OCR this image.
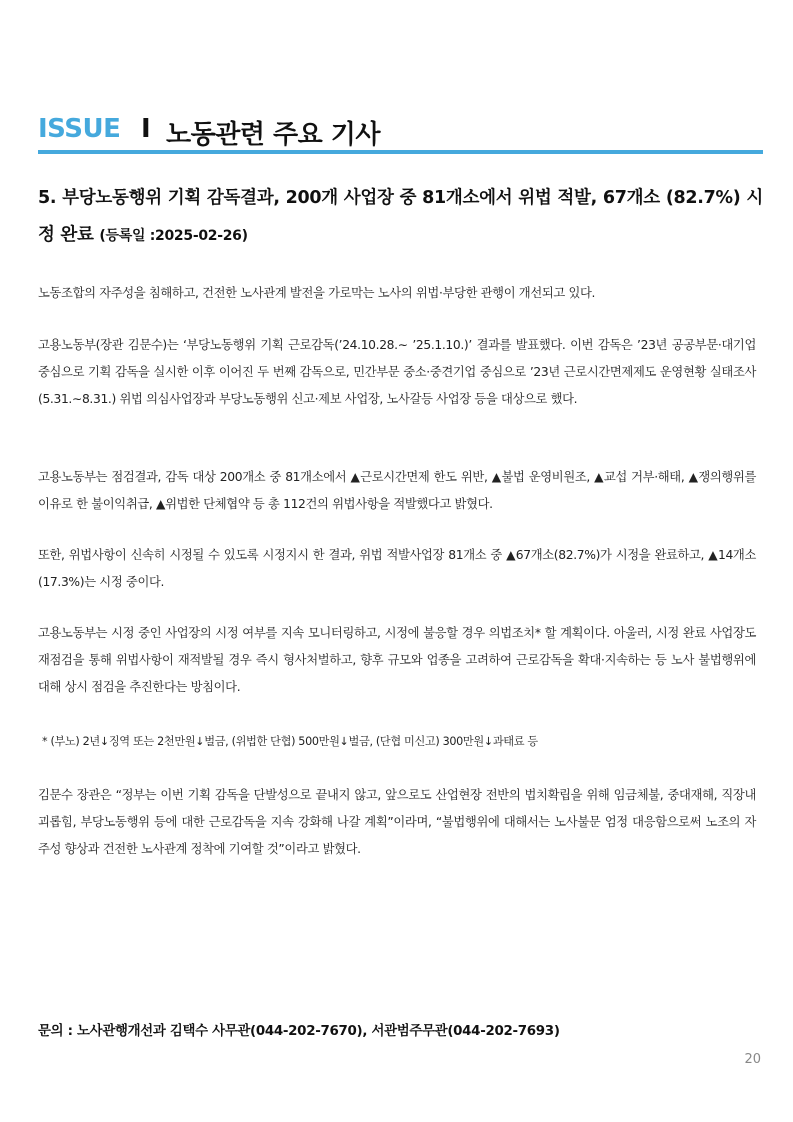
ISSUE I 노동관련 주요 기사
5. 부당노동행위 기획 감독결과, 200개 사업장 중 81개소에서 위법 적발, 67개소 (82.7%) 시정 완료 (등록일 :2025-02-26)
노동조합의 자주성을 침해하고, 건전한 노사관계 발전을 가로막는 노사의 위법·부당한 관행이 개선되고 있다.
고용노동부(장관 김문수)는 ‘부당노동행위 기획 근로감독(’24.10.28.∼ ’25.1.10.)’ 결과를 발표했다. 이번 감독은 ’23년 공공부문·대기업 중심으로 기획 감독을 실시한 이후 이어진 두 번째 감독으로, 민간부문 중소·중견기업 중심으로 ’23년 근로시간면제제도 운영현황 실태조사(5.31.∼8.31.) 위법 의심사업장과 부당노동행위 신고·제보 사업장, 노사갈등 사업장 등을 대상으로 했다.
고용노동부는 점검결과, 감독 대상 200개소 중 81개소에서 ▲근로시간면제 한도 위반, ▲불법 운영비원조, ▲교섭 거부·해태, ▲쟁의행위를 이유로 한 불이익취급, ▲위법한 단체협약 등 총 112건의 위법사항을 적발했다고 밝혔다.
또한, 위법사항이 신속히 시정될 수 있도록 시정지시 한 결과, 위법 적발사업장 81개소 중 ▲67개소(82.7%)가 시정을 완료하고, ▲14개소(17.3%)는 시정 중이다.
고용노동부는 시정 중인 사업장의 시정 여부를 지속 모니터링하고, 시정에 불응할 경우 의법조치* 할 계획이다. 아울러, 시정 완료 사업장도 재점검을 통해 위법사항이 재적발될 경우 즉시 형사처벌하고, 향후 규모와 업종을 고려하여 근로감독을 확대·지속하는 등 노사 불법행위에 대해 상시 점검을 추진한다는 방침이다.
* (부노) 2년↓징역 또는 2천만원↓벌금, (위법한 단협) 500만원↓벌금, (단협 미신고) 300만원↓과태료 등
김문수 장관은 “정부는 이번 기획 감독을 단발성으로 끝내지 않고, 앞으로도 산업현장 전반의 법치확립을 위해 임금체불, 중대재해, 직장내 괴롭힘, 부당노동행위 등에 대한 근로감독을 지속 강화해 나갈 계획”이라며, “불법행위에 대해서는 노사불문 엄정 대응함으로써 노조의 자주성 향상과 건전한 노사관계 정착에 기여할 것”이라고 밝혔다.
문의 : 노사관행개선과 김택수 사무관(044-202-7670), 서관범주무관(044-202-7693)
20
